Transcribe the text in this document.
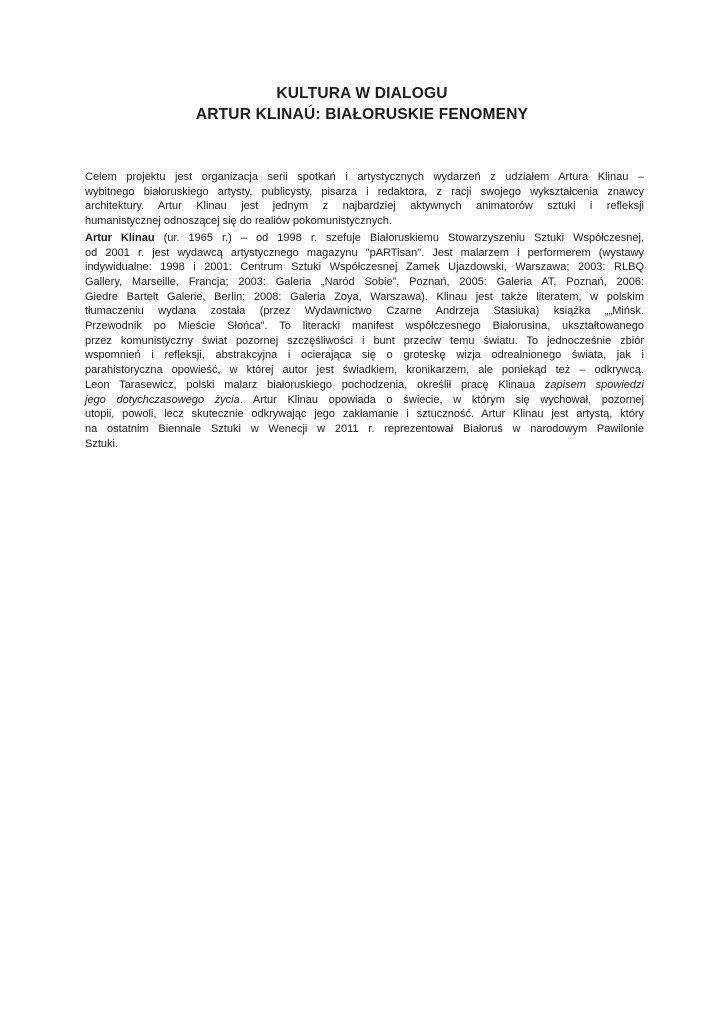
KULTURA W DIALOGU
ARTUR KLINAÚ: BIAŁORUSKIE FENOMENY
Celem projektu jest organizacja serii spotkań i artystycznych wydarzeń z udziałem Artura Klinau –
wybitnego białoruskiego artysty, publicysty, pisarza i redaktora, z racji swojego wykształcenia znawcy
architektury. Artur Klinau jest jednym z najbardziej aktywnych animatorów sztuki i refleksji
humanistycznej odnoszącej się do realiów pokomunistycznych.
Artur Klinau (ur. 1965 r.) – od 1998 r. szefuje Białoruskiemu Stowarzyszeniu Sztuki Współczesnej,
od 2001 r. jest wydawcą artystycznego magazynu "pARTisan". Jest malarzem i performerem (wystawy
indywidualne: 1998 i 2001: Centrum Sztuki Współczesnej Zamek Ujazdowski, Warszawa; 2003: RLBQ
Gallery, Marseille, Francja; 2003: Galeria „Naród Sobie”, Poznań, 2005: Galeria AT, Poznań, 2006:
Giedre Bartelt Galerie, Berlin; 2008: Galeria Zoya, Warszawa). Klinau jest także literatem, w polskim
tłumaczeniu wydana została (przez Wydawnictwo Czarne Andrzeja Stasiuka) książka „„Mińsk.
Przewodnik po Mieście Słońca”. To literacki manifest współczesnego Białorusina, ukształtowanego
przez komunistyczny świat pozornej szczęśliwości i bunt przeciw temu światu. To jednocześnie zbiór
wspomnień i refleksji, abstrakcyjna i ocierająca się o groteskę wizja odrealnionego świata, jak i
parahistoryczna opowieść, w której autor jest świadkiem, kronikarzem, ale poniekąd też – odkrywcą.
Leon Tarasewicz, polski malarz białoruskiego pochodzenia, określił pracę Klinaua zapisem spowiedzi
jego dotychczasowego życia. Artur Klinau opowiada o świecie, w którym się wychował, pozornej
utopii, powoli, lecz skutecznie odkrywając jego zakłamanie i sztuczność. Artur Klinau jest artystą, który
na ostatnim Biennale Sztuki w Wenecji w 2011 r. reprezentował Białoruś w narodowym Pawilonie
Sztuki.
